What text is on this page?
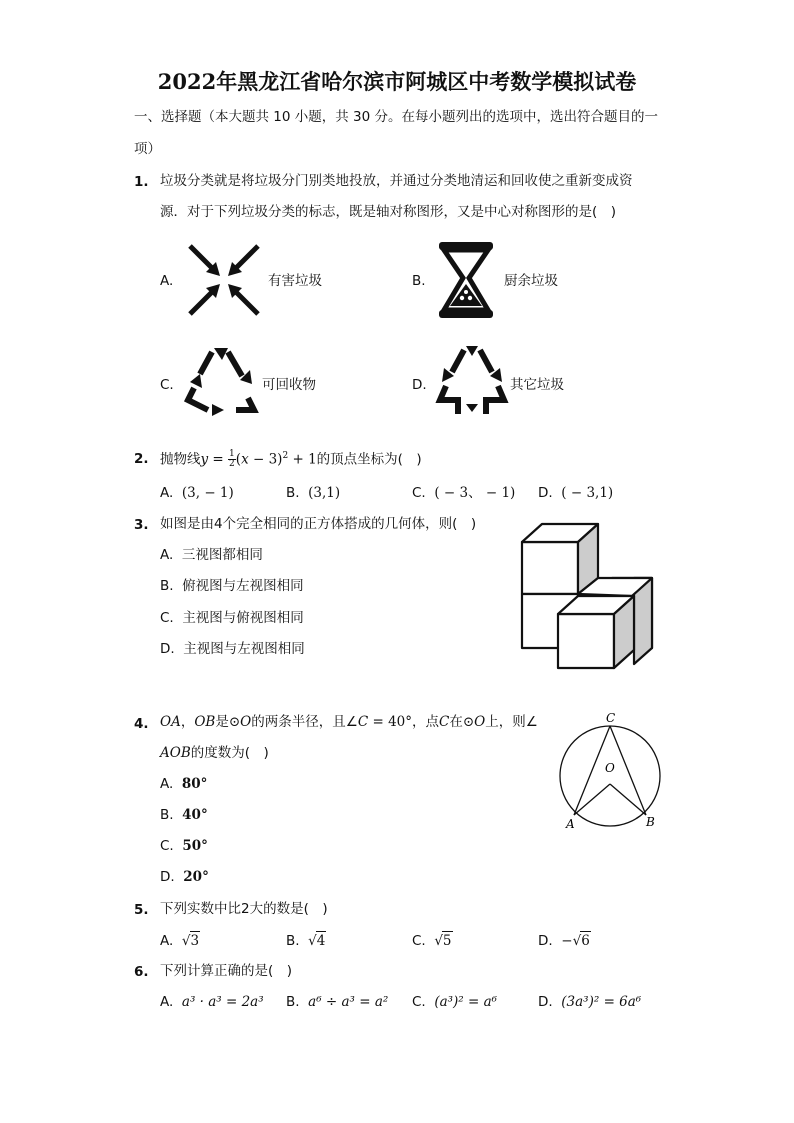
2022年黑龙江省哈尔滨市阿城区中考数学模拟试卷
一、选择题（本大题共 10 小题，共 30 分。在每小题列出的选项中，选出符合题目的一
项）
1. 垃圾分类就是将垃圾分门别类地投放，并通过分类地清运和回收使之重新变成资
源．对于下列垃圾分类的标志，既是轴对称图形，又是中心对称图形的是(　)
A.	有害垃圾	B.	厨余垃圾
C.	可回收物	D.	其它垃圾
2. 抛物线$y = \frac{1}{2} (x - 3)^2 + 1$的顶点坐标为(　)
A. (3, − 1)	B. (3,1)	C. ( − 3、 − 1) D. ( − 3,1)
3. 如图是由4个完全相同的正方体搭成的几何体，则(　)
A. 三视图都相同
B. 俯视图与左视图相同
C. 主视图与俯视图相同
D. 主视图与左视图相同
4. OA，OB是⊙O的两条半径，且∠C = 40°，点C在⊙O上，则∠
AOB的度数为(　)
A. 80°
B. 40°
C. 50°
D. 20°
C
O
A	B
5. 下列实数中比2大的数是(　)
A. √3	B. √4	C. √5	D. −√6
6. 下列计算正确的是(　)
A. a³ · a³ = 2a³ B. a⁶ ÷ a³ = a² C. (a³)² = a⁶	D. (3a³)² = 6a⁶
